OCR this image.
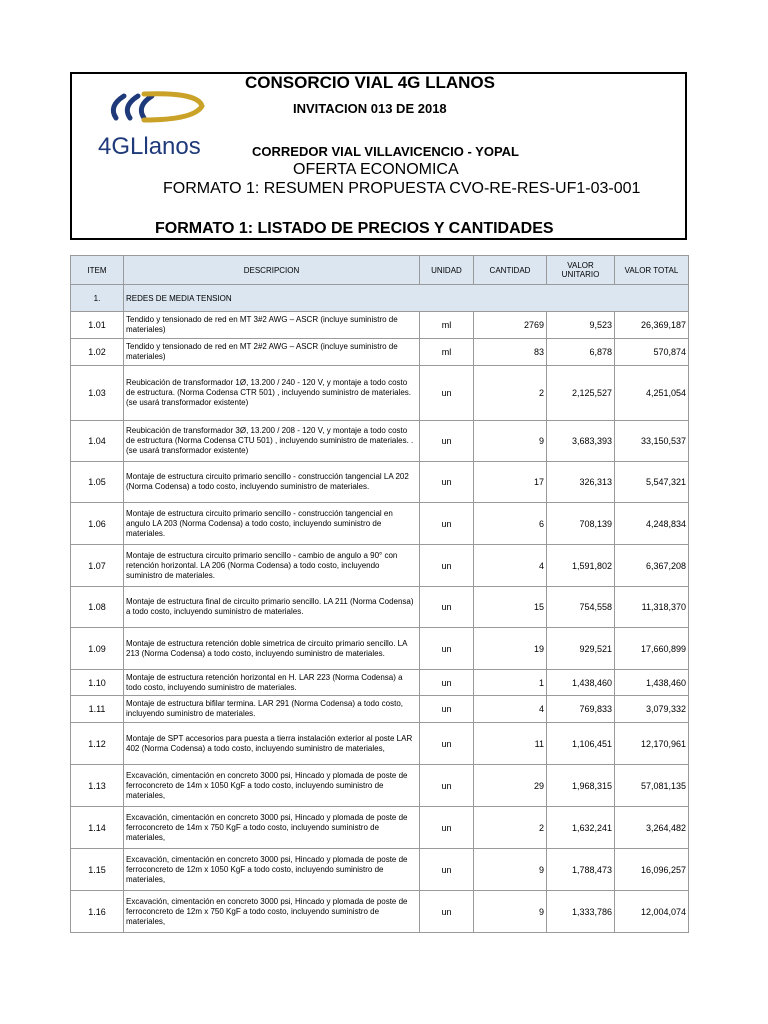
4GLlanos
CONSORCIO VIAL 4G LLANOS
INVITACION 013 DE 2018
CORREDOR VIAL VILLAVICENCIO - YOPAL
OFERTA ECONOMICA
FORMATO 1: RESUMEN PROPUESTA CVO-RE-RES-UF1-03-001
FORMATO 1: LISTADO DE PRECIOS Y CANTIDADES
ITEM	DESCRIPCION	UNIDAD	CANTIDAD	VALOR UNITARIO	VALOR TOTAL
1.	REDES DE MEDIA TENSION				
1.01	Tendido y tensionado de red en MT 3#2 AWG – ASCR (incluye suministro de materiales)	ml	2769	9,523	26,369,187
1.02	Tendido y tensionado de red en MT 2#2 AWG – ASCR (incluye suministro de materiales)	ml	83	6,878	570,874
1.03	Reubicación de transformador 1Ø, 13.200 / 240 - 120 V, y montaje a todo costo de estructura. (Norma Codensa CTR 501) , incluyendo suministro de materiales. (se usará transformador existente)	un	2	2,125,527	4,251,054
1.04	Reubicación de transformador 3Ø, 13.200 / 208 - 120 V, y montaje a todo costo de estructura (Norma Codensa CTU 501) , incluyendo suministro de materiales. . (se usará transformador existente)	un	9	3,683,393	33,150,537
1.05	Montaje de estructura circuito primario sencillo - construcción tangencial LA 202 (Norma Codensa) a todo costo, incluyendo suministro de materiales.	un	17	326,313	5,547,321
1.06	Montaje de estructura circuito primario sencillo - construcción tangencial en angulo LA 203 (Norma Codensa) a todo costo, incluyendo suministro de materiales.	un	6	708,139	4,248,834
1.07	Montaje de estructura circuito primario sencillo - cambio de angulo a 90° con retención horizontal. LA 206 (Norma Codensa) a todo costo, incluyendo suministro de materiales.	un	4	1,591,802	6,367,208
1.08	Montaje de estructura final de circuito primario sencillo. LA 211 (Norma Codensa) a todo costo, incluyendo suministro de materiales.	un	15	754,558	11,318,370
1.09	Montaje de estructura retención doble simetrica de circuito primario sencillo. LA 213 (Norma Codensa) a todo costo, incluyendo suministro de materiales.	un	19	929,521	17,660,899
1.10	Montaje de estructura retención horizontal en H. LAR 223 (Norma Codensa) a todo costo, incluyendo suministro de materiales.	un	1	1,438,460	1,438,460
1.11	Montaje de estructura bifilar termina. LAR 291 (Norma Codensa) a todo costo, incluyendo suministro de materiales.	un	4	769,833	3,079,332
1.12	Montaje de SPT accesorios para puesta a tierra instalación exterior al poste LAR 402 (Norma Codensa) a todo costo, incluyendo suministro de materiales,	un	11	1,106,451	12,170,961
1.13	Excavación, cimentación en concreto 3000 psi, Hincado y plomada de poste de ferroconcreto de 14m x 1050 KgF a todo costo, incluyendo suministro de materiales,	un	29	1,968,315	57,081,135
1.14	Excavación, cimentación en concreto 3000 psi, Hincado y plomada de poste de ferroconcreto de 14m x 750 KgF a todo costo, incluyendo suministro de materiales,	un	2	1,632,241	3,264,482
1.15	Excavación, cimentación en concreto 3000 psi, Hincado y plomada de poste de ferroconcreto de 12m x 1050 KgF a todo costo, incluyendo suministro de materiales,	un	9	1,788,473	16,096,257
1.16	Excavación, cimentación en concreto 3000 psi, Hincado y plomada de poste de ferroconcreto de 12m x 750 KgF a todo costo, incluyendo suministro de materiales,	un	9	1,333,786	12,004,074
